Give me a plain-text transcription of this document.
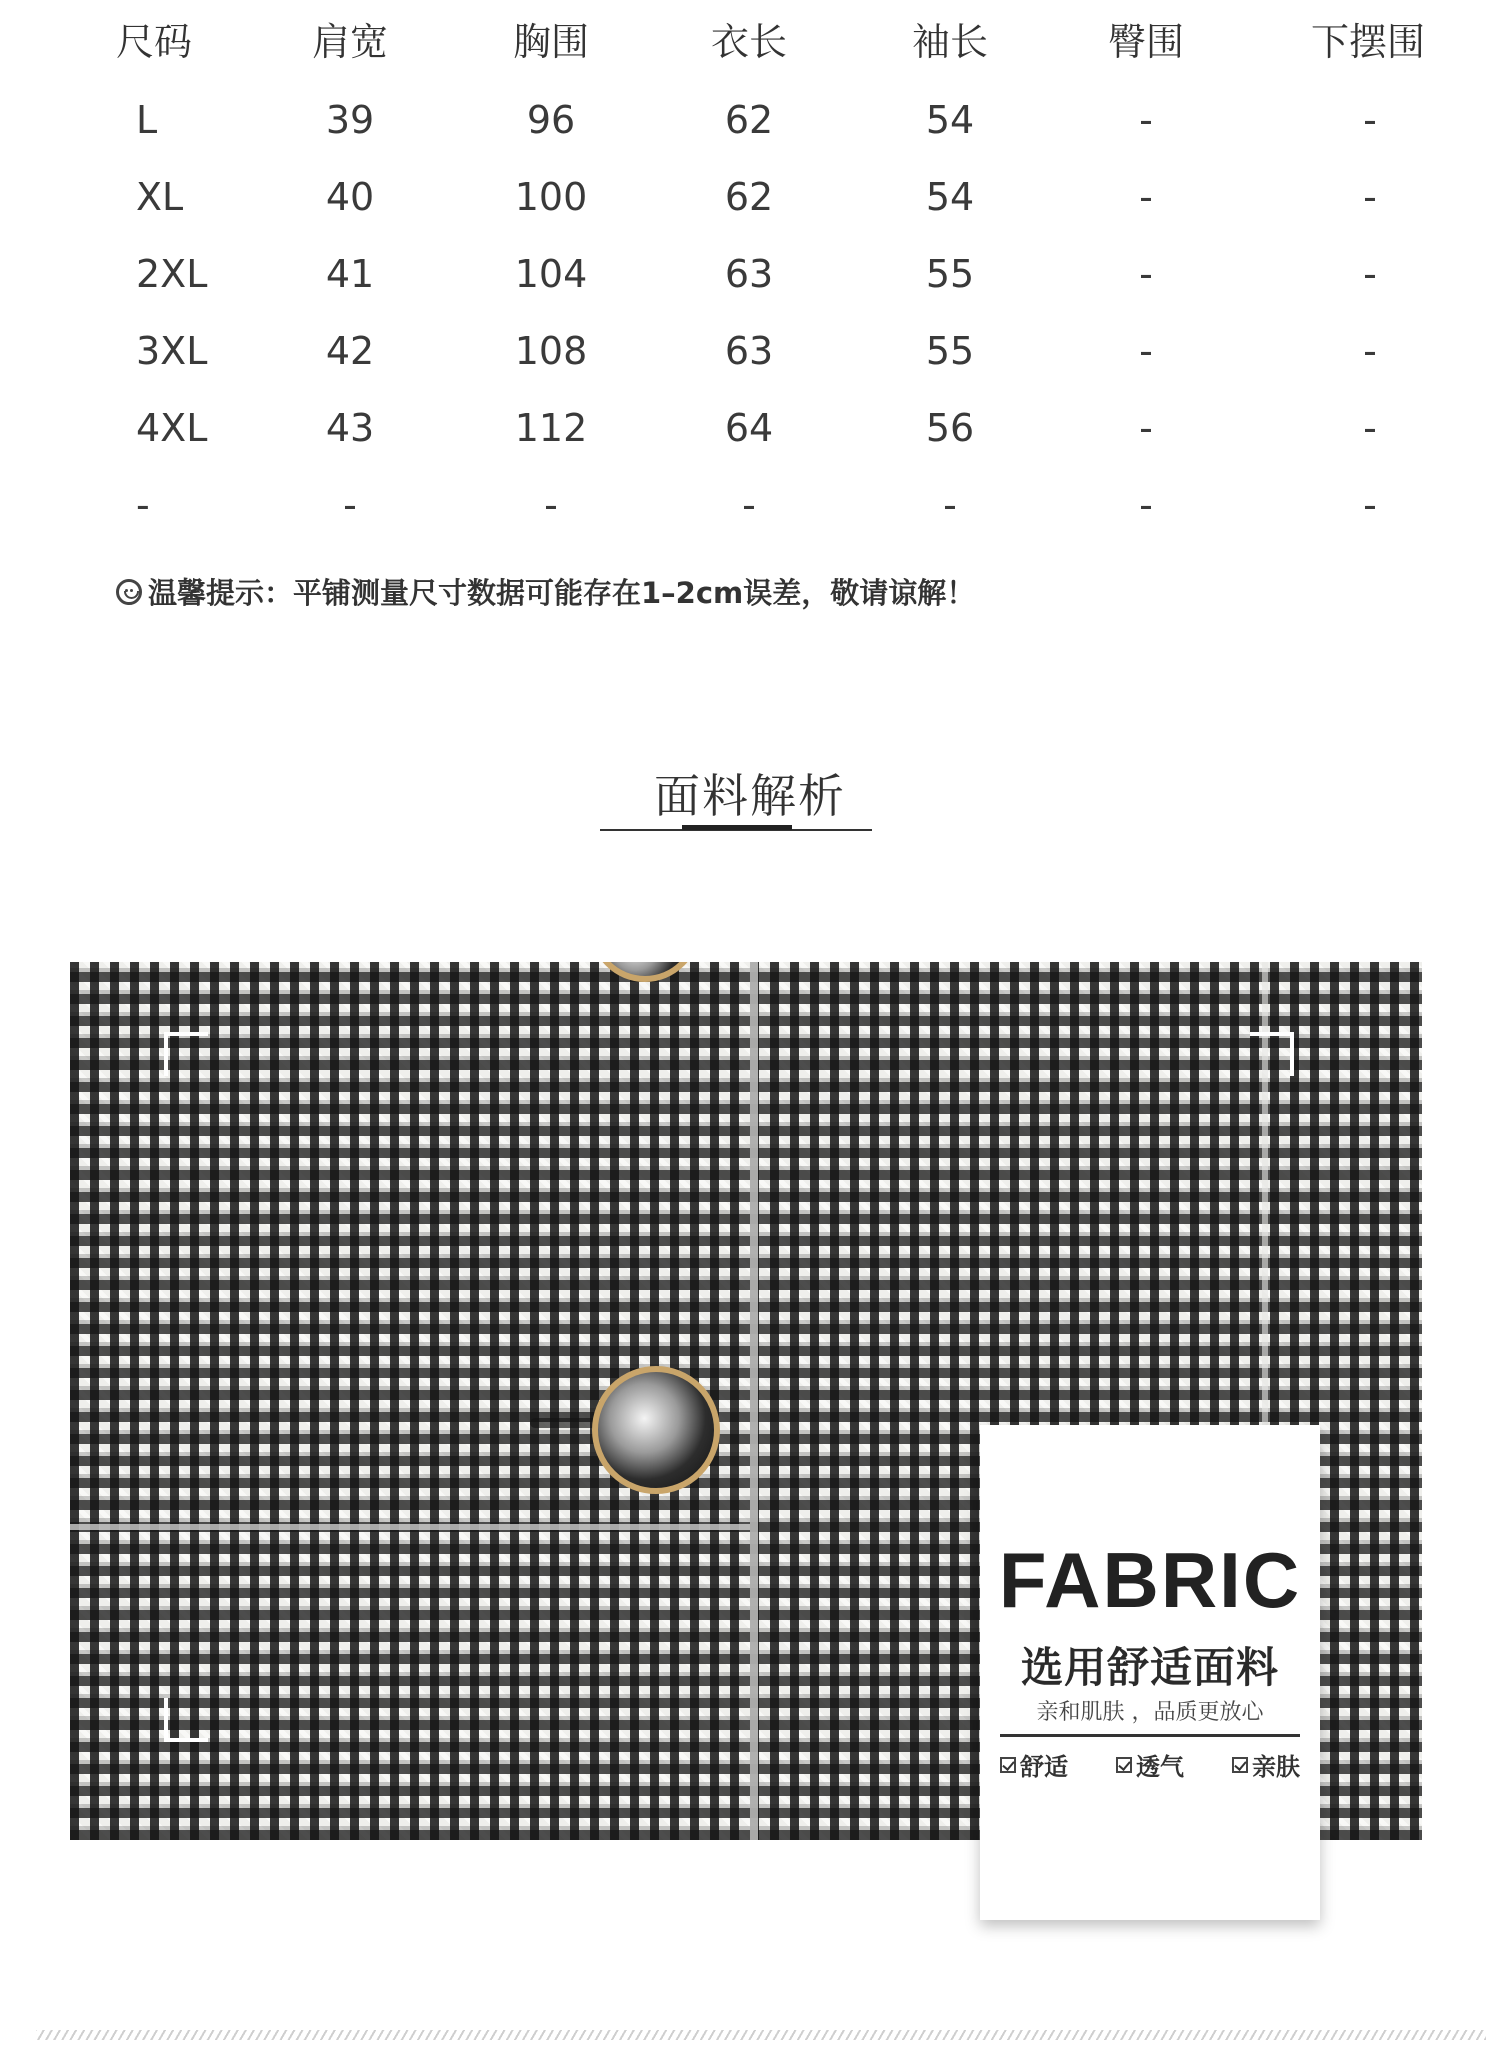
尺码	肩宽	胸围	衣长	袖长	臀围	下摆围
L	39	96	62	54	-	-
XL	40	100	62	54	-	-
2XL	41	104	63	55	-	-
3XL	42	108	63	55	-	-
4XL	43	112	64	56	-	-
-	-	-	-	-	-	-
温馨提示：平铺测量尺寸数据可能存在1–2cm误差，敬请谅解！
面料解析
FABRIC
选用舒适面料
亲和肌肤 ，品质更放心
舒适	透气	亲肤
